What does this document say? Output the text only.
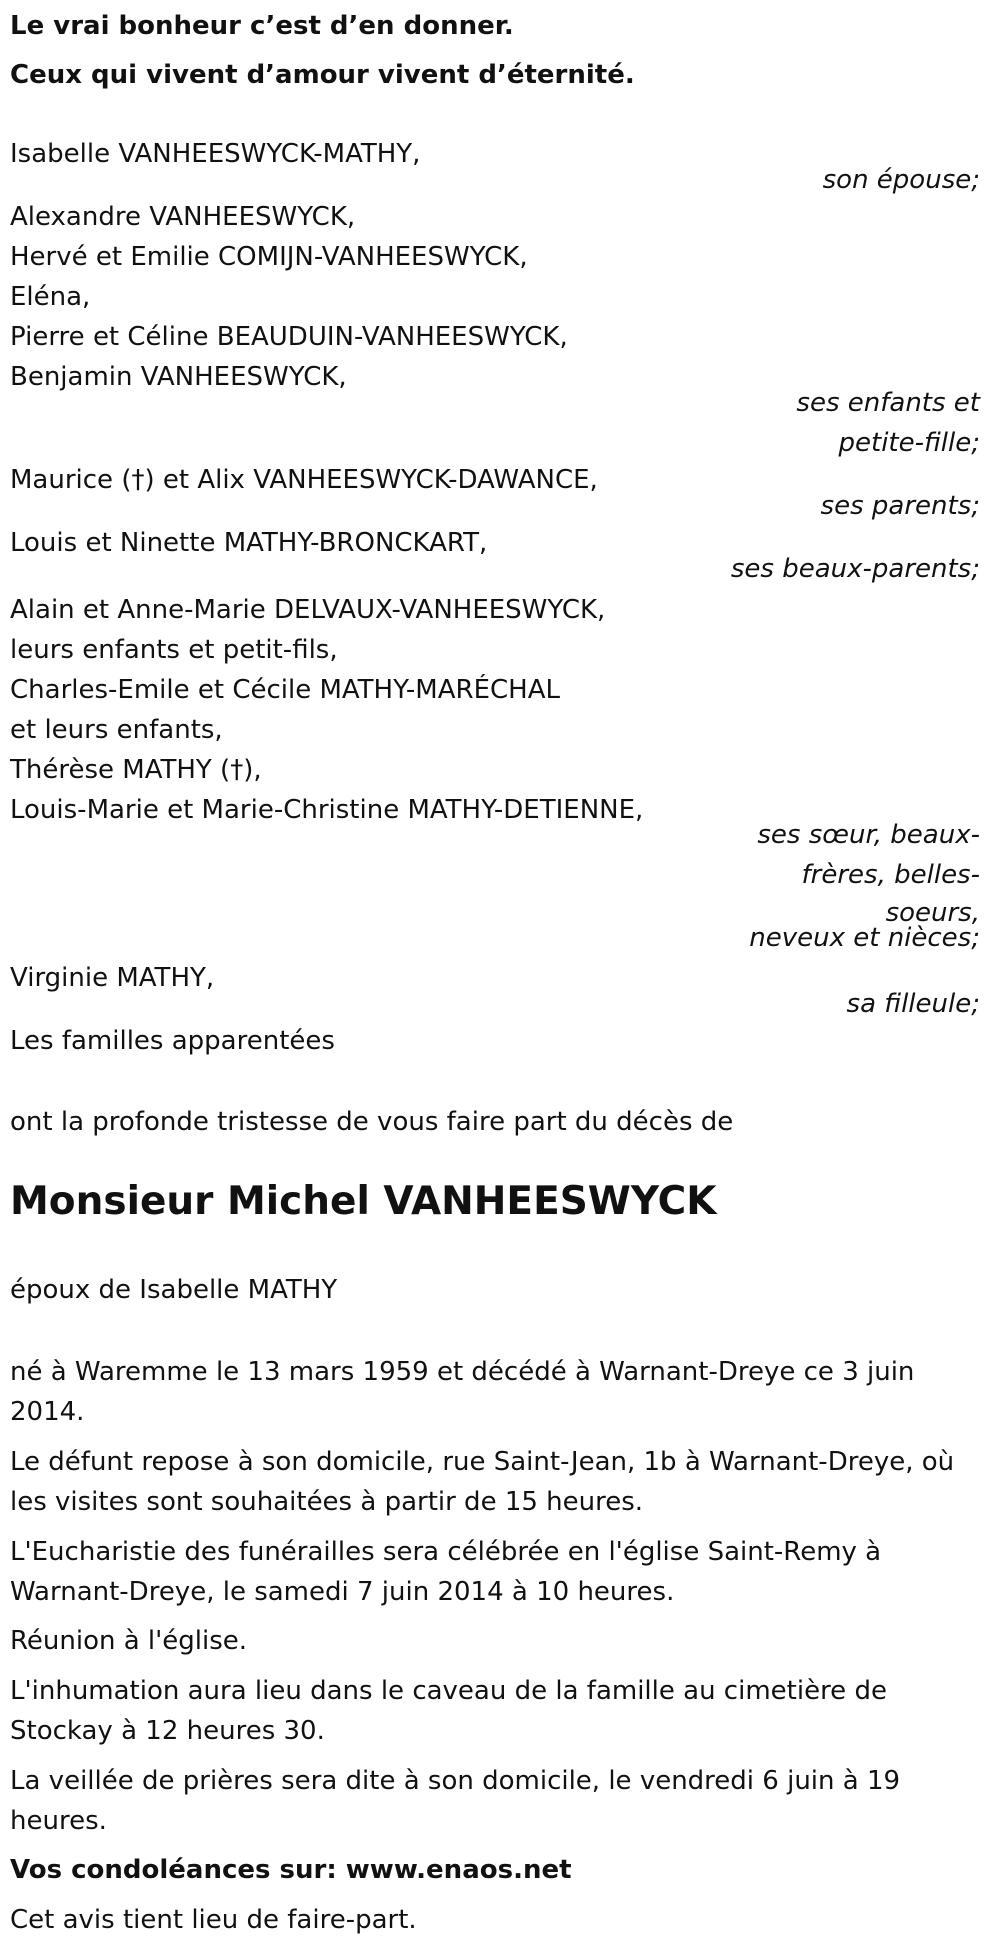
Le vrai bonheur c’est d’en donner.
Ceux qui vivent d’amour vivent d’éternité.
Isabelle VANHEESWYCK-MATHY,
son épouse;
Alexandre VANHEESWYCK,
Hervé et Emilie COMIJN-VANHEESWYCK,
Eléna,
Pierre et Céline BEAUDUIN-VANHEESWYCK,
Benjamin VANHEESWYCK,
ses enfants et
petite-fille;
Maurice (†) et Alix VANHEESWYCK-DAWANCE,
ses parents;
Louis et Ninette MATHY-BRONCKART,
ses beaux-parents;
Alain et Anne-Marie DELVAUX-VANHEESWYCK,
leurs enfants et petit-fils,
Charles-Emile et Cécile MATHY-MARÉCHAL
et leurs enfants,
Thérèse MATHY (†),
Louis-Marie et Marie-Christine MATHY-DETIENNE,
ses sœur, beaux-
frères, belles-
soeurs,
neveux et nièces;
Virginie MATHY,
sa filleule;
Les familles apparentées
ont la profonde tristesse de vous faire part du décès de
Monsieur Michel VANHEESWYCK
époux de Isabelle MATHY
né à Waremme le 13 mars 1959 et décédé à Warnant-Dreye ce 3 juin 2014.
Le défunt repose à son domicile, rue Saint-Jean, 1b à Warnant-Dreye, où les visites sont souhaitées à partir de 15 heures.
L'Eucharistie des funérailles sera célébrée en l'église Saint-Remy à Warnant-Dreye, le samedi 7 juin 2014 à 10 heures.
Réunion à l'église.
L'inhumation aura lieu dans le caveau de la famille au cimetière de Stockay à 12 heures 30.
La veillée de prières sera dite à son domicile, le vendredi 6 juin à 19 heures.
Vos condoléances sur: www.enaos.net
Cet avis tient lieu de faire-part.
